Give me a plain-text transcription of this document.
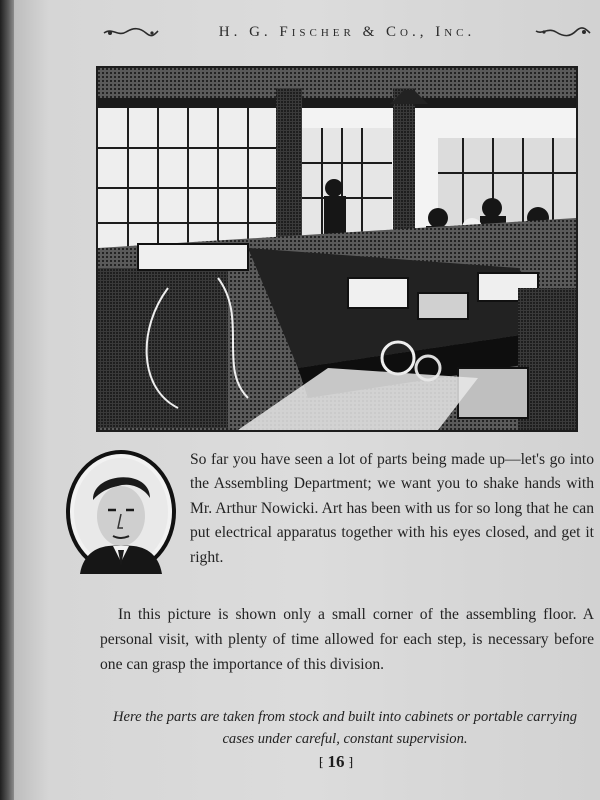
H. G. Fischer & Co., Inc.

So far you have seen a lot of parts being made up—let's go into the Assembling Department; we want you to shake hands with Mr. Arthur Nowicki. Art has been with us for so long that he can put electrical apparatus together with his eyes closed, and get it right.

In this picture is shown only a small corner of the assembling floor. A personal visit, with plenty of time allowed for each step, is necessary before one can grasp the importance of this division.

Here the parts are taken from stock and built into cabinets or portable carrying cases under careful, constant supervision.

⁅ 16 ⁆
